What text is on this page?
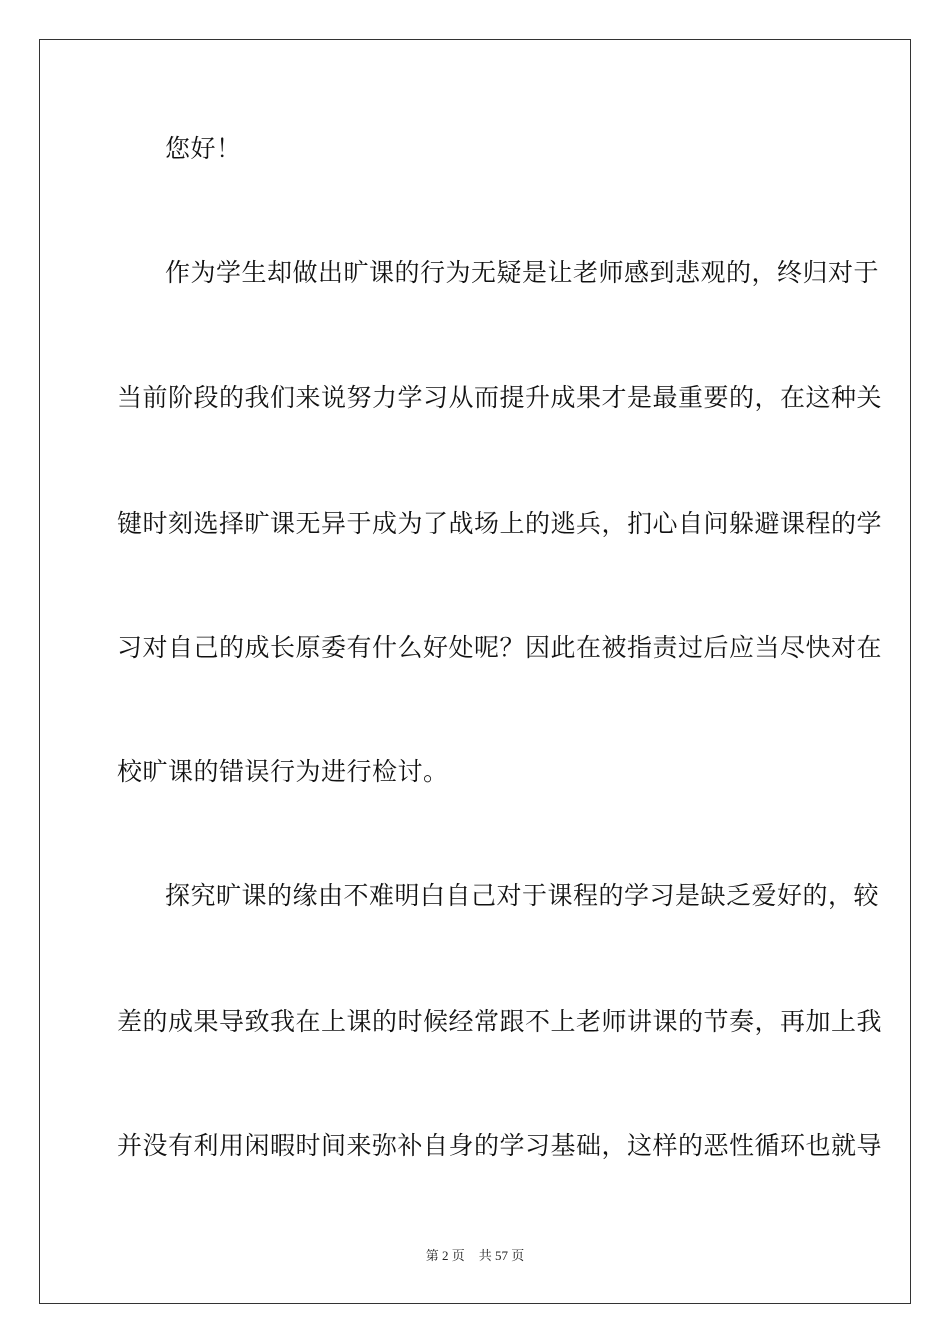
您好！
作为学生却做出旷课的行为无疑是让老师感到悲观的，终归对于
当前阶段的我们来说努力学习从而提升成果才是最重要的，在这种关
键时刻选择旷课无异于成为了战场上的逃兵，扪心自问躲避课程的学
习对自己的成长原委有什么好处呢？因此在被指责过后应当尽快对在
校旷课的错误行为进行检讨。
探究旷课的缘由不难明白自己对于课程的学习是缺乏爱好的，较
差的成果导致我在上课的时候经常跟不上老师讲课的节奏，再加上我
并没有利用闲暇时间来弥补自身的学习基础，这样的恶性循环也就导
第 2 页 共 57 页
